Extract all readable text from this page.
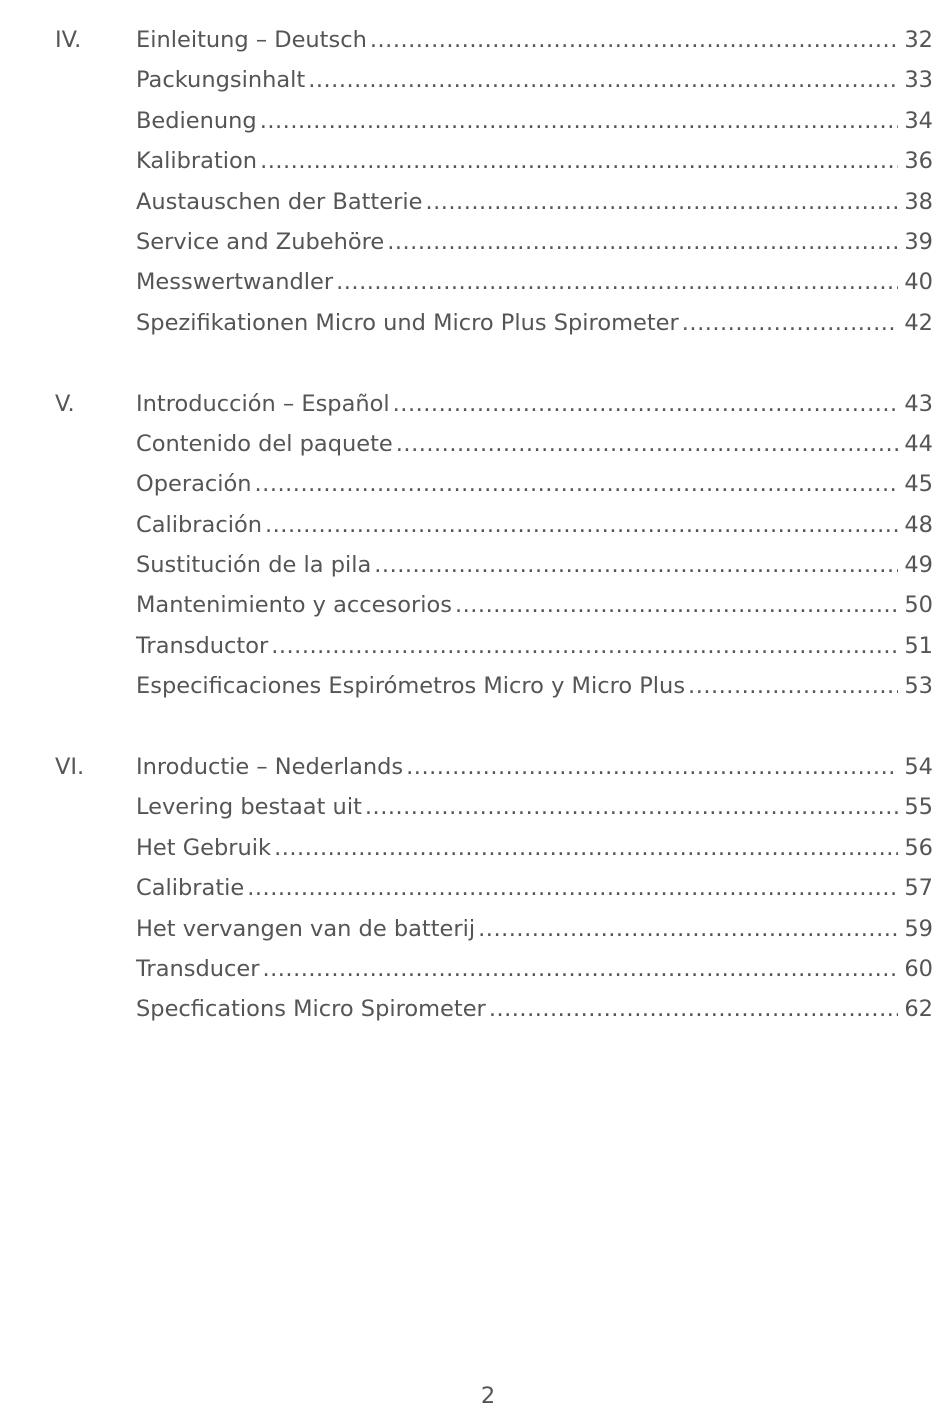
IV.	Einleitung – Deutsch .....	32
Packungsinhalt .....	33
Bedienung .....	34
Kalibration .....	36
Austauschen der Batterie .....	38
Service and Zubehöre .....	39
Messwertwandler .....	40
Spezifikationen Micro und Micro Plus Spirometer .....	42
V.	Introducción – Español .....	43
Contenido del paquete .....	44
Operación .....	45
Calibración .....	48
Sustitución de la pila .....	49
Mantenimiento y accesorios .....	50
Transductor .....	51
Especificaciones Espirómetros Micro y Micro Plus .....	53
VI.	Inroductie – Nederlands .....	54
Levering bestaat uit .....	55
Het Gebruik .....	56
Calibratie .....	57
Het vervangen van de batterij .....	59
Transducer .....	60
Specfications Micro Spirometer .....	62
2
